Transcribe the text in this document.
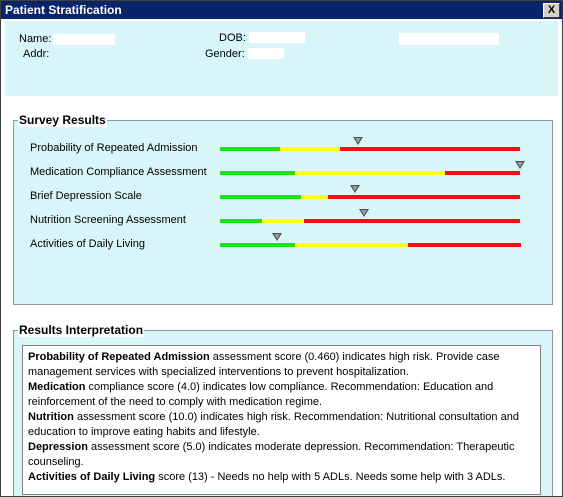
Patient Stratification	X
Name:
Addr:
DOB:
Gender:
Survey Results
Probability of Repeated Admission
Medication Compliance Assessment
Brief Depression Scale
Nutrition Screening Assessment
Activities of Daily Living
Results Interpretation

Probability of Repeated Admission assessment score (0.460) indicates high risk. Provide case management services with specialized interventions to prevent hospitalization.

Medication compliance score (4.0) indicates low compliance. Recommendation: Education and reinforcement of the need to comply with medication regime.

Nutrition assessment score (10.0) indicates high risk. Recommendation: Nutritional consultation and education to improve eating habits and lifestyle.

Depression assessment score (5.0) indicates moderate depression. Recommendation: Therapeutic counseling.

Activities of Daily Living score (13) - Needs no help with 5 ADLs. Needs some help with 3 ADLs.
